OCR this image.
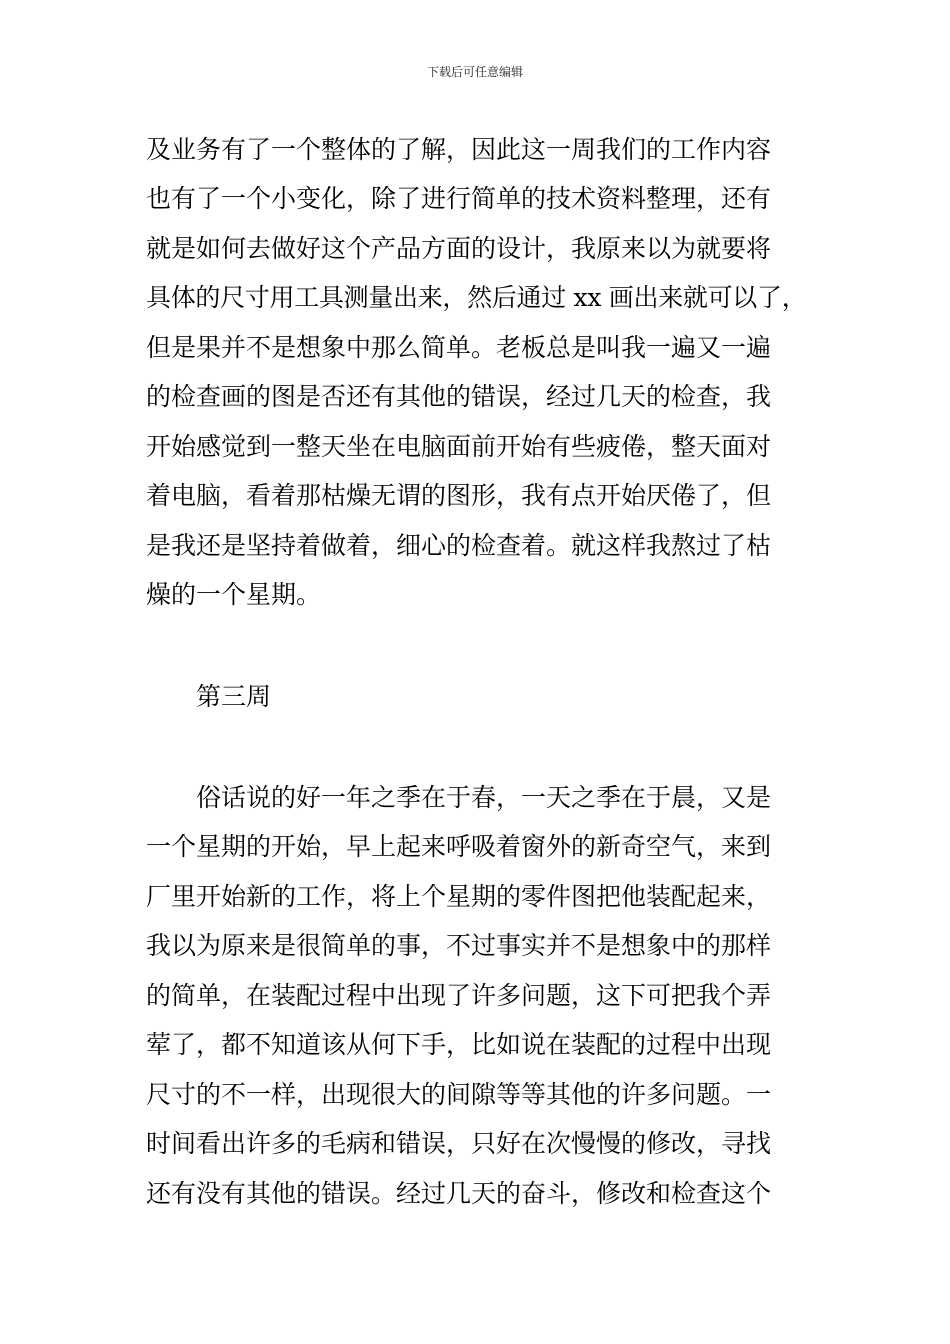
下载后可任意编辑
及业务有了一个整体的了解，因此这一周我们的工作内容
也有了一个小变化，除了进行简单的技术资料整理，还有
就是如何去做好这个产品方面的设计，我原来以为就要将
具体的尺寸用工具测量出来，然后通过 xx 画出来就可以了，
但是果并不是想象中那么简单。老板总是叫我一遍又一遍
的检查画的图是否还有其他的错误，经过几天的检查，我
开始感觉到一整天坐在电脑面前开始有些疲倦，整天面对
着电脑，看着那枯燥无谓的图形，我有点开始厌倦了，但
是我还是坚持着做着，细心的检查着。就这样我熬过了枯
燥的一个星期。
第三周
俗话说的好一年之季在于春，一天之季在于晨，又是
一个星期的开始，早上起来呼吸着窗外的新奇空气，来到
厂里开始新的工作，将上个星期的零件图把他装配起来，
我以为原来是很简单的事，不过事实并不是想象中的那样
的简单，在装配过程中出现了许多问题，这下可把我个弄
荤了，都不知道该从何下手，比如说在装配的过程中出现
尺寸的不一样，出现很大的间隙等等其他的许多问题。一
时间看出许多的毛病和错误，只好在次慢慢的修改，寻找
还有没有其他的错误。经过几天的奋斗，修改和检查这个
